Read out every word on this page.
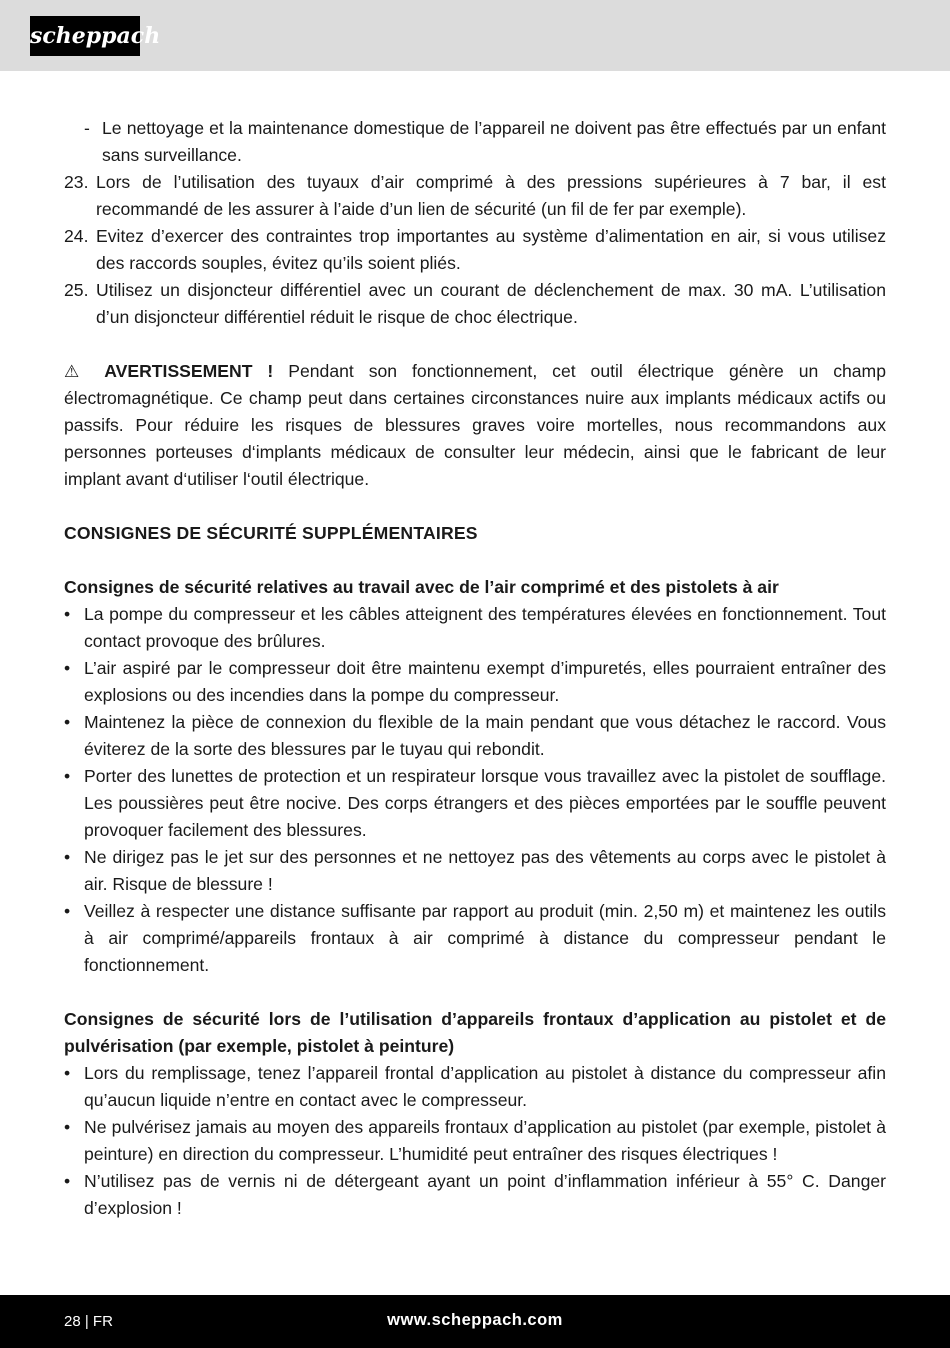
scheppach
- Le nettoyage et la maintenance domestique de l’appareil ne doivent pas être effectués par un enfant sans surveillance.
23. Lors de l’utilisation des tuyaux d’air comprimé à des pressions supérieures à 7 bar, il est recommandé de les assurer à l’aide d’un lien de sécurité (un fil de fer par exemple).
24. Evitez d’exercer des contraintes trop importantes au système d’alimentation en air, si vous utilisez des raccords souples, évitez qu’ils soient pliés.
25. Utilisez un disjoncteur différentiel avec un courant de déclenchement de max. 30 mA. L’utilisation d’un disjoncteur différentiel réduit le risque de choc électrique.
⚠ AVERTISSEMENT ! Pendant son fonctionnement, cet outil électrique génère un champ électromagnétique. Ce champ peut dans certaines circonstances nuire aux implants médicaux actifs ou passifs. Pour réduire les risques de blessures graves voire mortelles, nous recommandons aux personnes porteuses d‘implants médicaux de consulter leur médecin, ainsi que le fabricant de leur implant avant d‘utiliser l‘outil électrique.
CONSIGNES DE SÉCURITÉ SUPPLÉMENTAIRES
Consignes de sécurité relatives au travail avec de l’air comprimé et des pistolets à air
• La pompe du compresseur et les câbles atteignent des températures élevées en fonctionnement. Tout contact provoque des brûlures.
• L’air aspiré par le compresseur doit être maintenu exempt d’impuretés, elles pourraient entraîner des explosions ou des incendies dans la pompe du compresseur.
• Maintenez la pièce de connexion du flexible de la main pendant que vous détachez le raccord. Vous éviterez de la sorte des blessures par le tuyau qui rebondit.
• Porter des lunettes de protection et un respirateur lorsque vous travaillez avec la pistolet de soufflage. Les poussières peut être nocive. Des corps étrangers et des pièces emportées par le souffle peuvent provoquer facilement des blessures.
• Ne dirigez pas le jet sur des personnes et ne nettoyez pas des vêtements au corps avec le pistolet à air. Risque de blessure !
• Veillez à respecter une distance suffisante par rapport au produit (min. 2,50 m) et maintenez les outils à air comprimé/appareils frontaux à air comprimé à distance du compresseur pendant le fonctionnement.
Consignes de sécurité lors de l’utilisation d’appareils frontaux d’application au pistolet et de pulvérisation (par exemple, pistolet à peinture)
• Lors du remplissage, tenez l’appareil frontal d’application au pistolet à distance du compresseur afin qu’aucun liquide n’entre en contact avec le compresseur.
• Ne pulvérisez jamais au moyen des appareils frontaux d’application au pistolet (par exemple, pistolet à peinture) en direction du compresseur. L’humidité peut entraîner des risques électriques !
• N’utilisez pas de vernis ni de détergeant ayant un point d’inflammation inférieur à 55° C. Danger d’explosion !
28 | FR	www.scheppach.com
